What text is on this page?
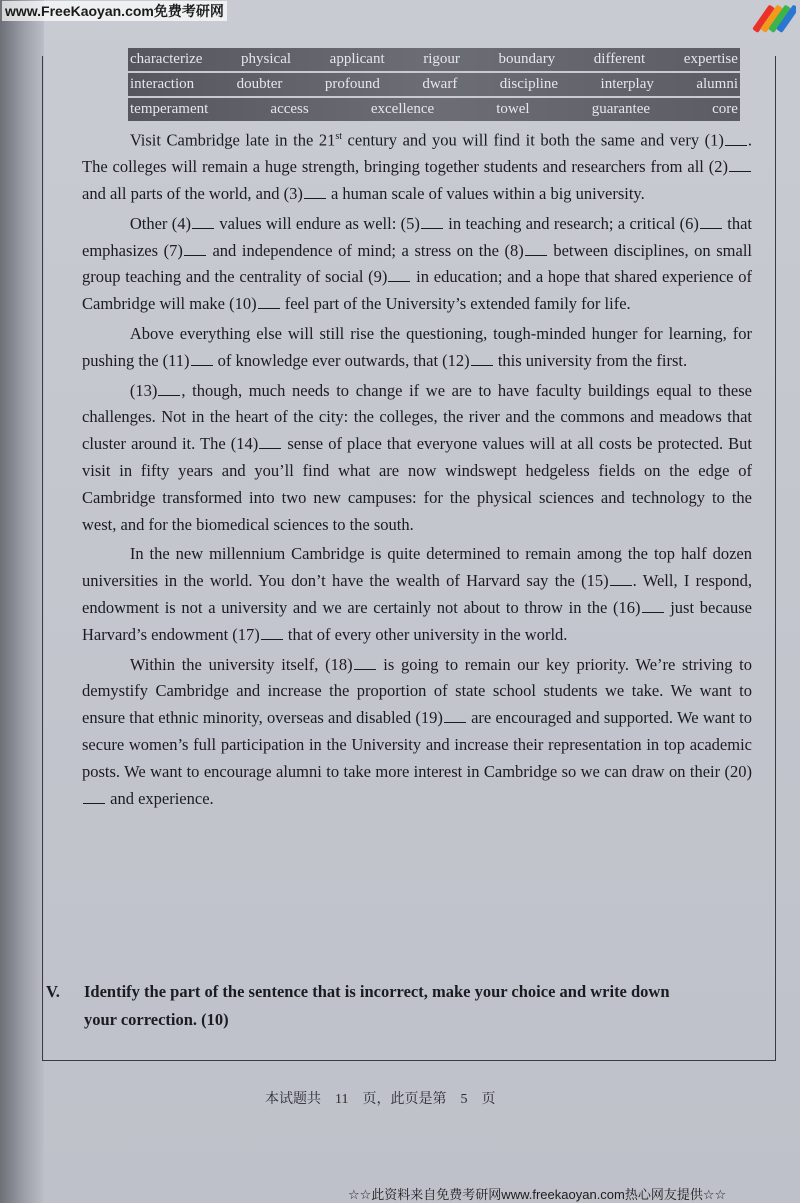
www.FreeKaoyan.com免费考研网
characterize	physical	applicant	rigour	boundary	different	expertise
interaction	doubter	profound	dwarf	discipline	interplay	alumni
temperament	access	excellence	towel	guarantee	core

Visit Cambridge late in the 21st century and you will find it both the same and very (1) . The colleges will remain a huge strength, bringing together students and researchers from all (2) and all parts of the world, and (3) a human scale of values within a big university.

Other (4) values will endure as well: (5) in teaching and research; a critical (6) that emphasizes (7) and independence of mind; a stress on the (8) between disciplines, on small group teaching and the centrality of social (9) in education; and a hope that shared experience of Cambridge will make (10) feel part of the University’s extended family for life.

Above everything else will still rise the questioning, tough-minded hunger for learning, for pushing the (11) of knowledge ever outwards, that (12) this university from the first.

(13) , though, much needs to change if we are to have faculty buildings equal to these challenges. Not in the heart of the city: the colleges, the river and the commons and meadows that cluster around it. The (14) sense of place that everyone values will at all costs be protected. But visit in fifty years and you’ll find what are now windswept hedgeless fields on the edge of Cambridge transformed into two new campuses: for the physical sciences and technology to the west, and for the biomedical sciences to the south.

In the new millennium Cambridge is quite determined to remain among the top half dozen universities in the world. You don’t have the wealth of Harvard say the (15) . Well, I respond, endowment is not a university and we are certainly not about to throw in the (16) just because Harvard’s endowment (17) that of every other university in the world.

Within the university itself, (18) is going to remain our key priority. We’re striving to demystify Cambridge and increase the proportion of state school students we take. We want to ensure that ethnic minority, overseas and disabled (19) are encouraged and supported. We want to secure women’s full participation in the University and increase their representation in top academic posts. We want to encourage alumni to take more interest in Cambridge so we can draw on their (20) and experience.

V. Identify the part of the sentence that is incorrect, make your choice and write down
your correction. (10)
本试题共　11　页，此页是第　5　页
☆☆此资料来自免费考研网www.freekaoyan.com热心网友提供☆☆
